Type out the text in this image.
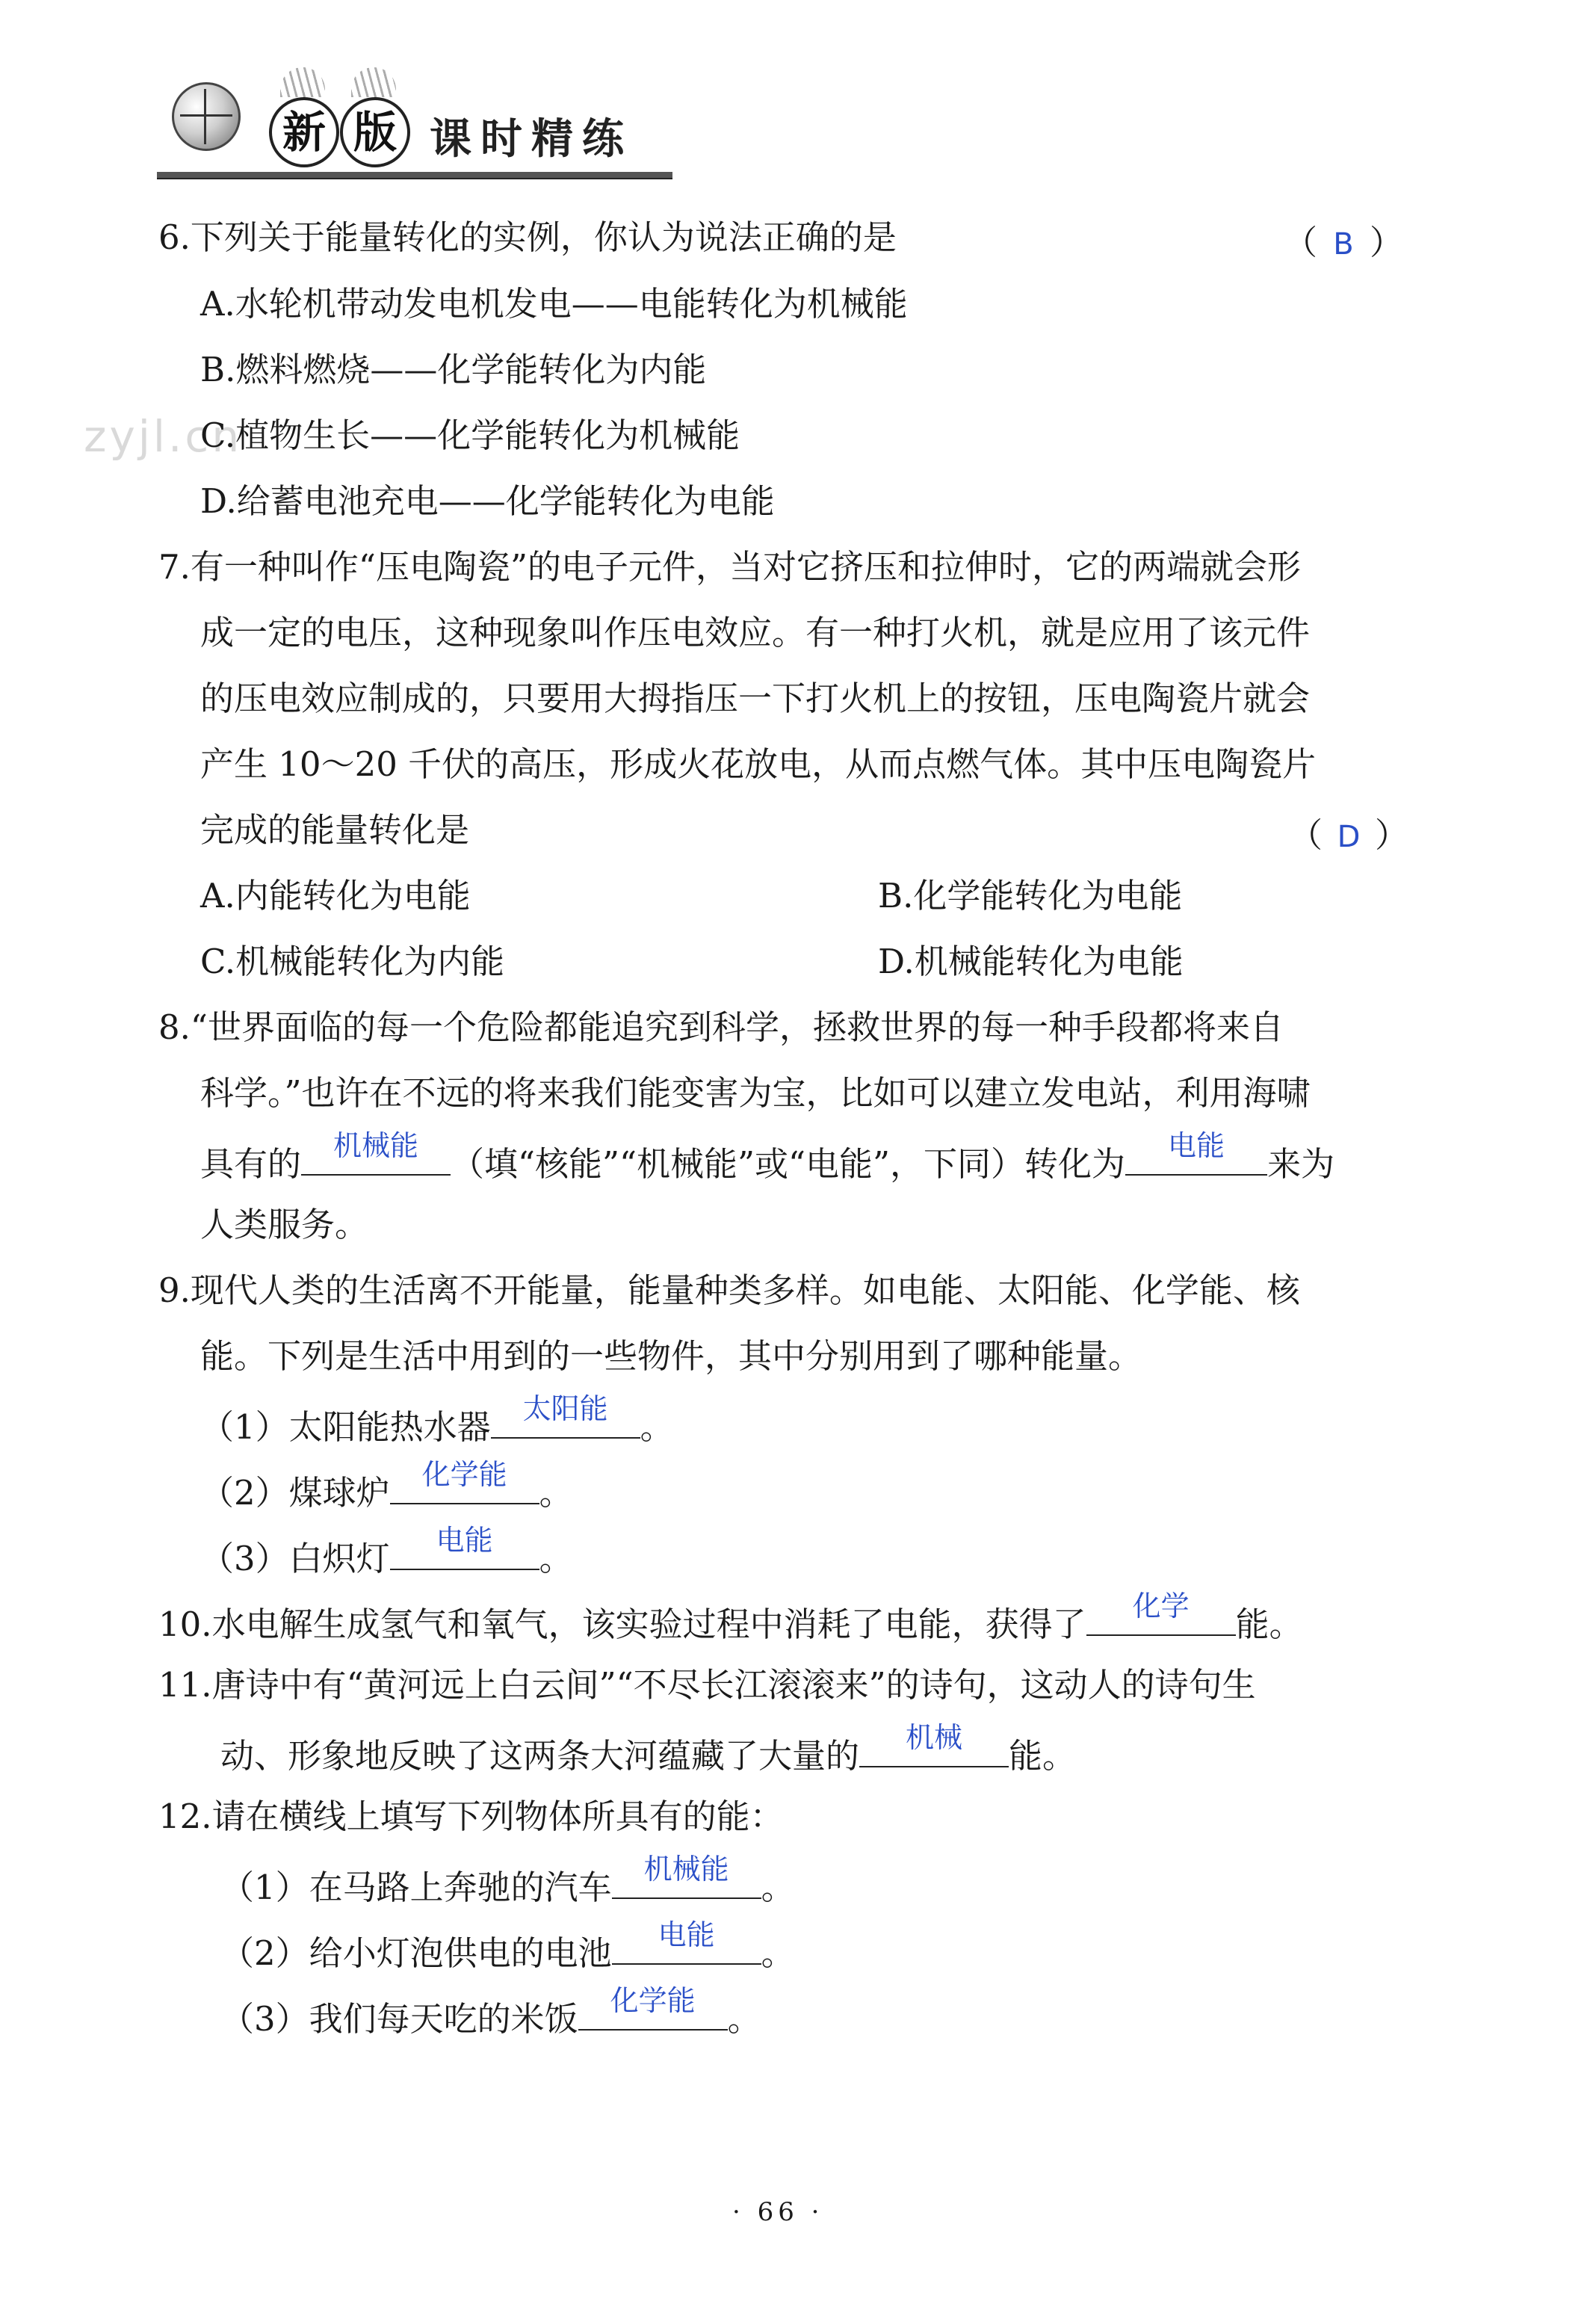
新 版 课时精练
zyjl.cn
6.下列关于能量转化的实例，你认为说法正确的是	（ B ）
A.水轮机带动发电机发电——电能转化为机械能
B.燃料燃烧——化学能转化为内能
C.植物生长——化学能转化为机械能
D.给蓄电池充电——化学能转化为电能
7.有一种叫作“压电陶瓷”的电子元件，当对它挤压和拉伸时，它的两端就会形
成一定的电压，这种现象叫作压电效应。有一种打火机，就是应用了该元件
的压电效应制成的，只要用大拇指压一下打火机上的按钮，压电陶瓷片就会
产生 10～20 千伏的高压，形成火花放电，从而点燃气体。其中压电陶瓷片
完成的能量转化是	（ D ）
A.内能转化为电能	B.化学能转化为电能
C.机械能转化为内能	D.机械能转化为电能
8.“世界面临的每一个危险都能追究到科学，拯救世界的每一种手段都将来自
科学。”也许在不远的将来我们能变害为宝，比如可以建立发电站，利用海啸
具有的	机械能 （填“核能”“机械能”或“电能”，下同）转化为	电能	来为
人类服务。
9.现代人类的生活离不开能量，能量种类多样。如电能、太阳能、化学能、核
能。下列是生活中用到的一些物件，其中分别用到了哪种能量。
（1）太阳能热水器	太阳能 。
（2）煤球炉	化学能 。
（3）白炽灯	电能	。
10.水电解生成氢气和氧气，该实验过程中消耗了电能，获得了	化学	能。
11.唐诗中有“黄河远上白云间”“不尽长江滚滚来”的诗句，这动人的诗句生
动、形象地反映了这两条大河蕴藏了大量的	机械	能。
12.请在横线上填写下列物体所具有的能：
（1）在马路上奔驰的汽车	机械能 。
（2）给小灯泡供电的电池	电能	。
（3）我们每天吃的米饭	化学能 。
· 66 ·
